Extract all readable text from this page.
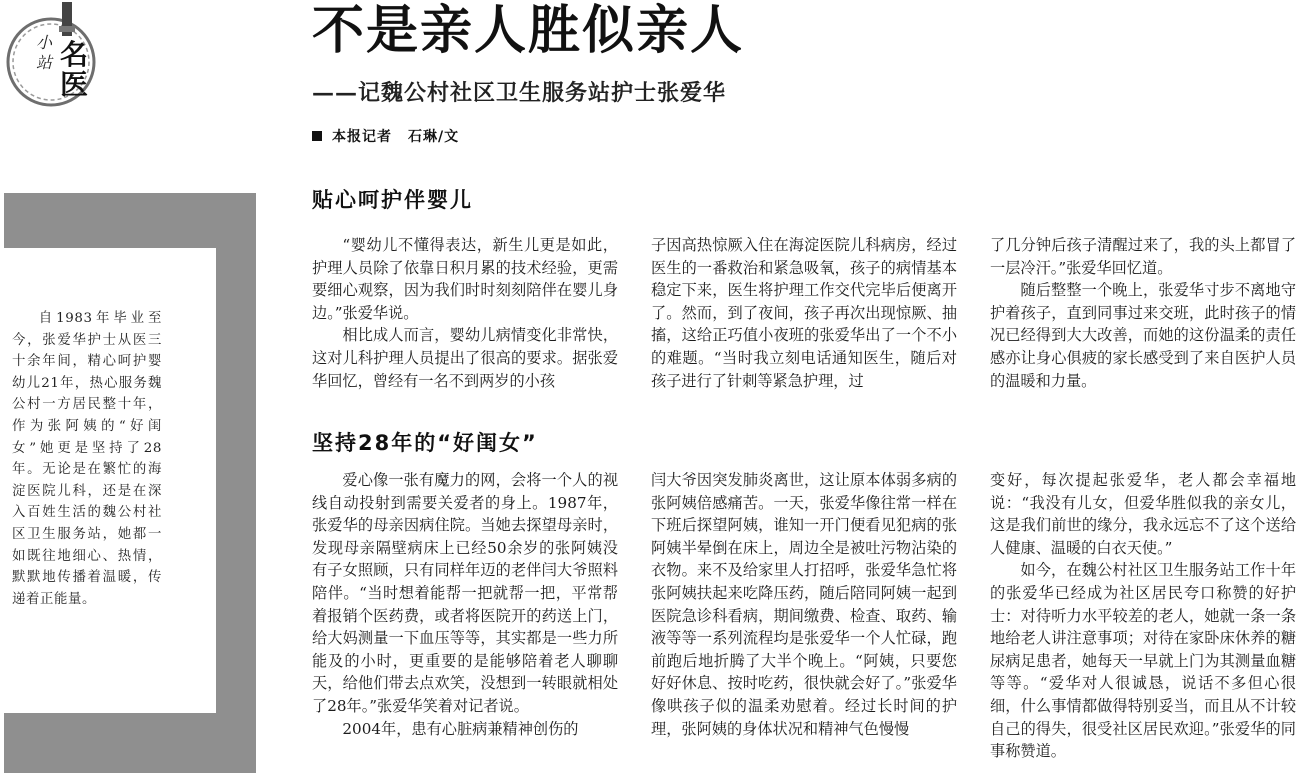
小
站 名
医
自1983年毕业至今，张爱华护士从医三十余年间，精心呵护婴幼儿21年，热心服务魏公村一方居民整十年，作为张阿姨的“好闺女”她更是坚持了28年。无论是在繁忙的海淀医院儿科，还是在深入百姓生活的魏公村社区卫生服务站，她都一如既往地细心、热情，默默地传播着温暖，传递着正能量。
不是亲人胜似亲人
——记魏公村社区卫生服务站护士张爱华
本报记者 石琳/文
贴心呵护伴婴儿

“婴幼儿不懂得表达，新生儿更是如此，护理人员除了依靠日积月累的技术经验，更需要细心观察，因为我们时时刻刻陪伴在婴儿身边。”张爱华说。

相比成人而言，婴幼儿病情变化非常快，这对儿科护理人员提出了很高的要求。据张爱华回忆，曾经有一名不到两岁的小孩

子因高热惊厥入住在海淀医院儿科病房，经过医生的一番救治和紧急吸氧，孩子的病情基本稳定下来，医生将护理工作交代完毕后便离开了。然而，到了夜间，孩子再次出现惊厥、抽搐，这给正巧值小夜班的张爱华出了一个不小的难题。“当时我立刻电话通知医生，随后对孩子进行了针刺等紧急护理，过

了几分钟后孩子清醒过来了，我的头上都冒了一层冷汗。”张爱华回忆道。

随后整整一个晚上，张爱华寸步不离地守护着孩子，直到同事过来交班，此时孩子的情况已经得到大大改善，而她的这份温柔的责任感亦让身心俱疲的家长感受到了来自医护人员的温暖和力量。

坚持28年的“好闺女”

爱心像一张有魔力的网，会将一个人的视线自动投射到需要关爱者的身上。1987年，张爱华的母亲因病住院。当她去探望母亲时，发现母亲隔壁病床上已经50余岁的张阿姨没有子女照顾，只有同样年迈的老伴闫大爷照料陪伴。“当时想着能帮一把就帮一把，平常帮着报销个医药费，或者将医院开的药送上门，给大妈测量一下血压等等，其实都是一些力所能及的小时，更重要的是能够陪着老人聊聊天，给他们带去点欢笑，没想到一转眼就相处了28年。”张爱华笑着对记者说。

2004年，患有心脏病兼精神创伤的

闫大爷因突发肺炎离世，这让原本体弱多病的张阿姨倍感痛苦。一天，张爱华像往常一样在下班后探望阿姨，谁知一开门便看见犯病的张阿姨半晕倒在床上，周边全是被吐污物沾染的衣物。来不及给家里人打招呼，张爱华急忙将张阿姨扶起来吃降压药，随后陪同阿姨一起到医院急诊科看病，期间缴费、检查、取药、输液等等一系列流程均是张爱华一个人忙碌，跑前跑后地折腾了大半个晚上。“阿姨，只要您好好休息、按时吃药，很快就会好了。”张爱华像哄孩子似的温柔劝慰着。经过长时间的护理，张阿姨的身体状况和精神气色慢慢

变好，每次提起张爱华，老人都会幸福地说：“我没有儿女，但爱华胜似我的亲女儿，这是我们前世的缘分，我永远忘不了这个送给人健康、温暖的白衣天使。”

如今，在魏公村社区卫生服务站工作十年的张爱华已经成为社区居民夸口称赞的好护士：对待听力水平较差的老人，她就一条一条地给老人讲注意事项；对待在家卧床休养的糖尿病足患者，她每天一早就上门为其测量血糖等等。“爱华对人很诚恳，说话不多但心很细，什么事情都做得特别妥当，而且从不计较自己的得失，很受社区居民欢迎。”张爱华的同事称赞道。
